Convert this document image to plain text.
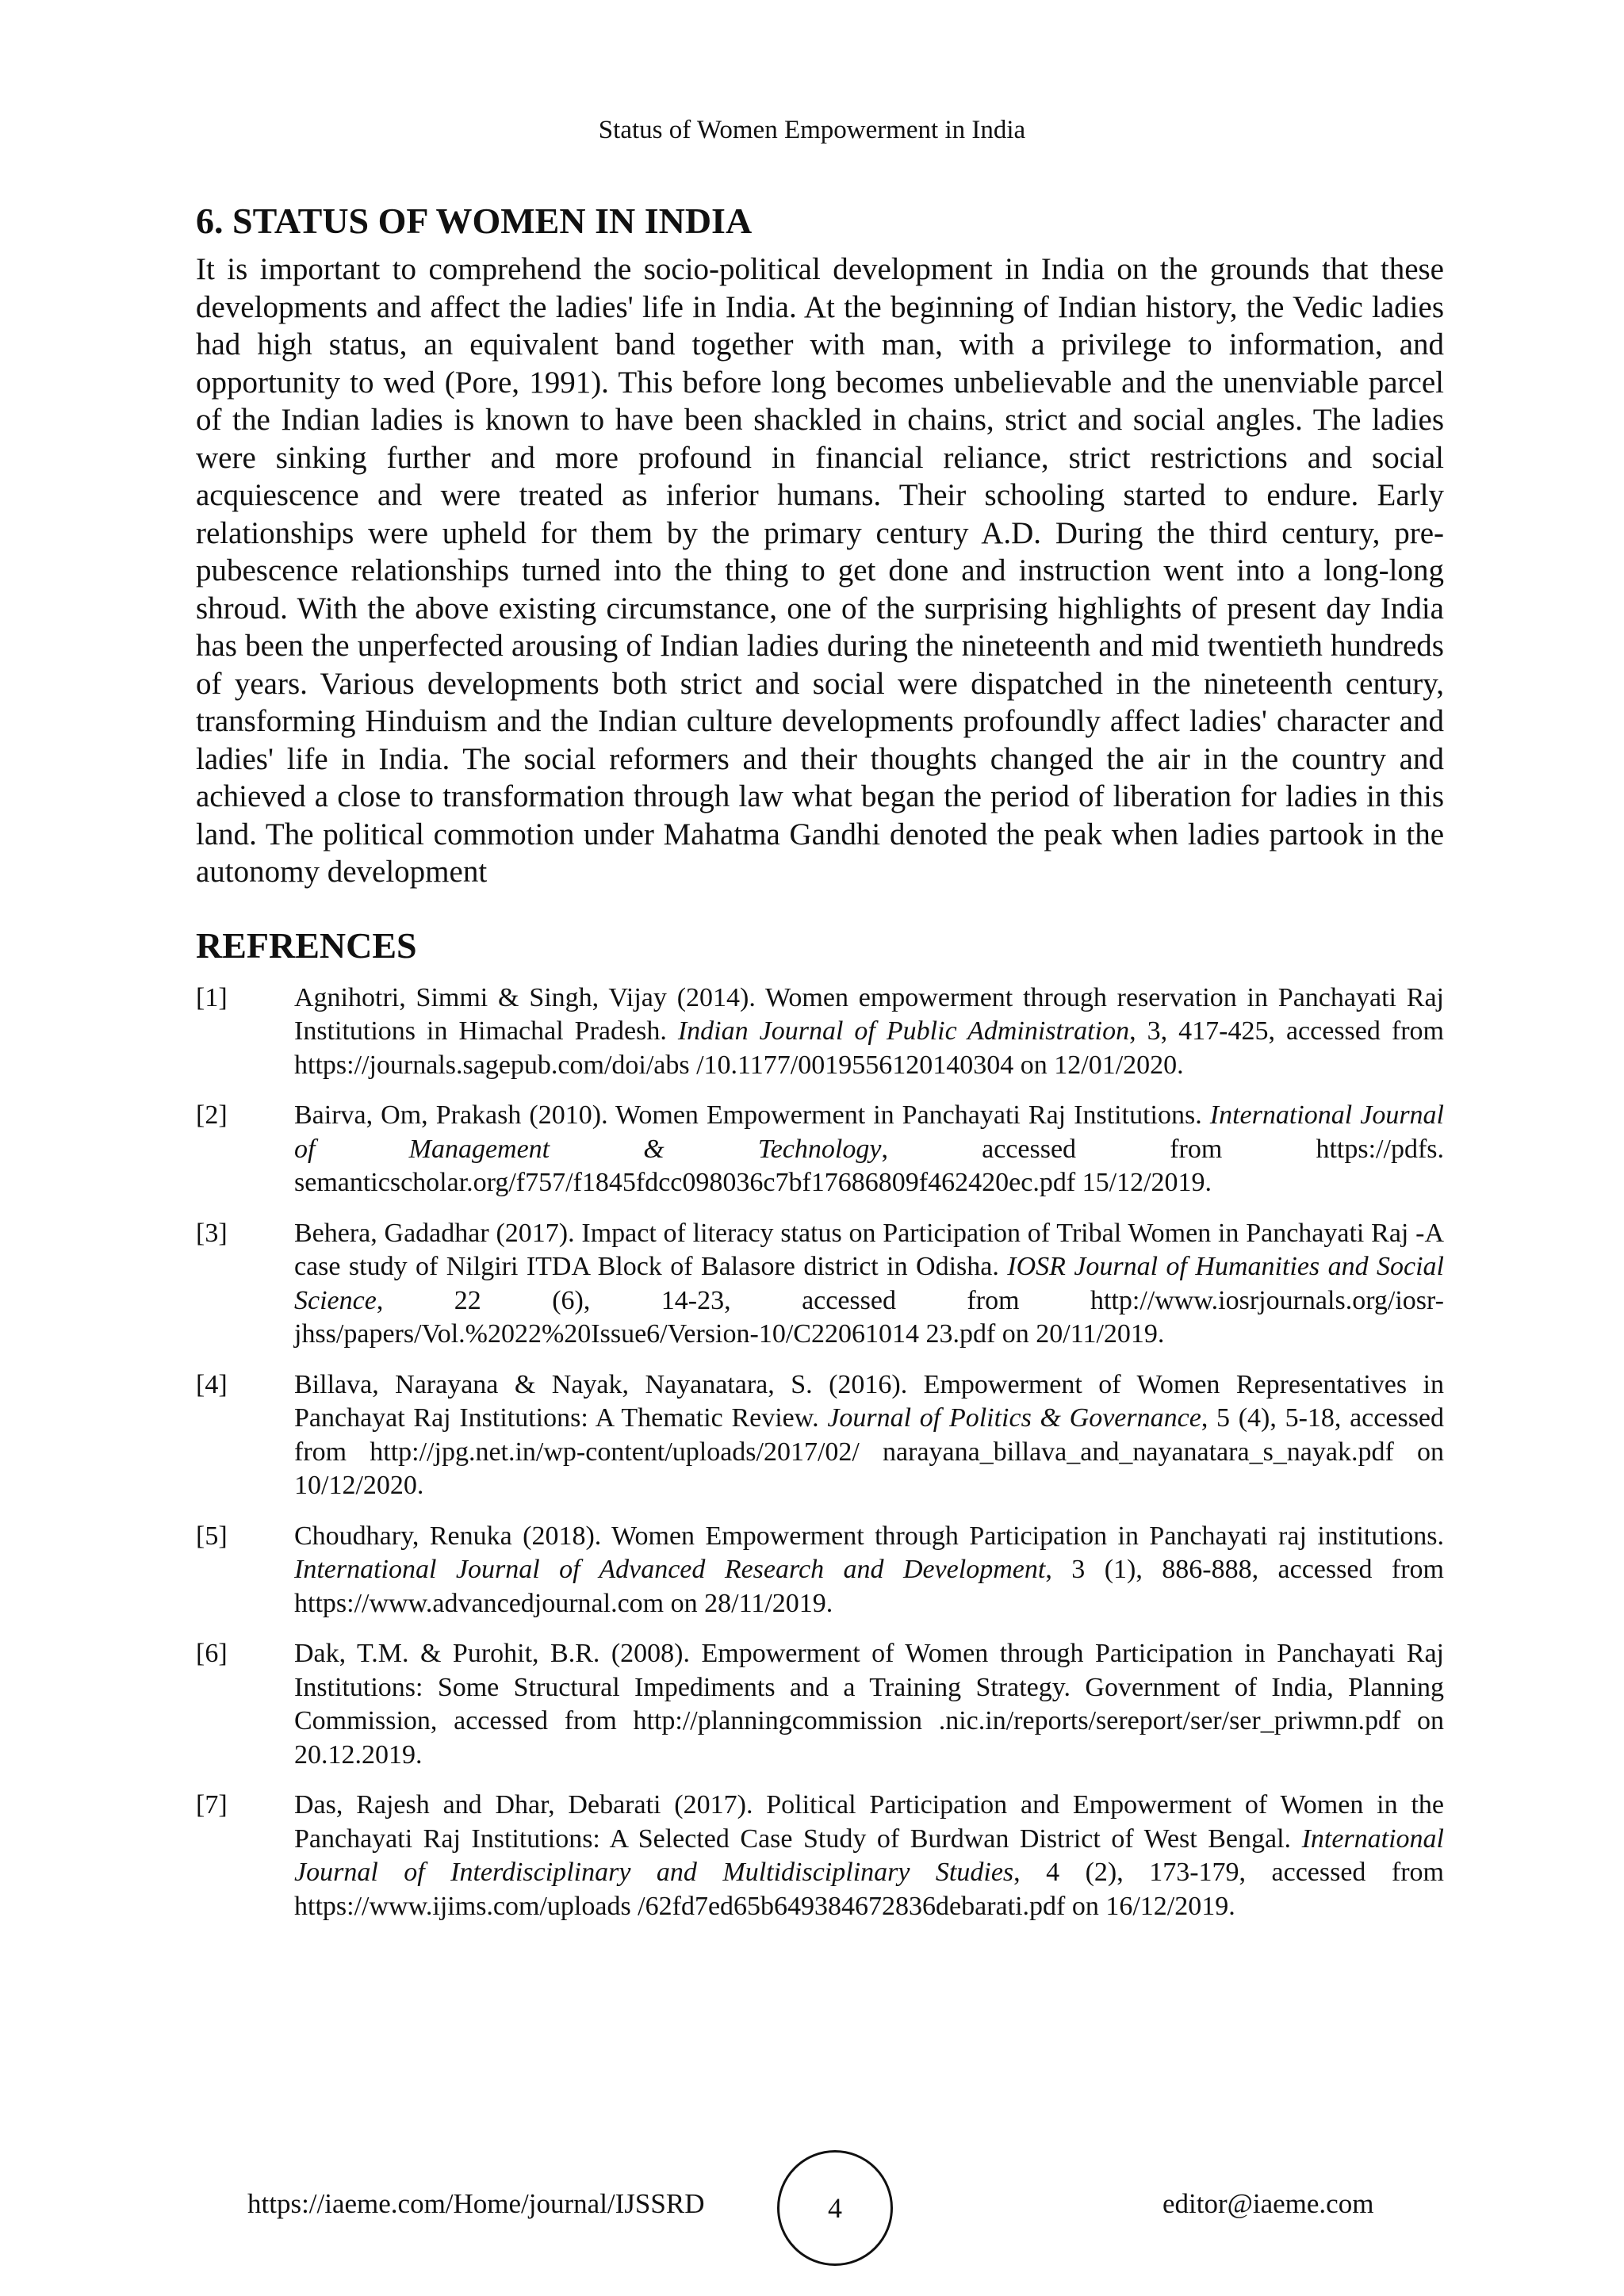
Status of Women Empowerment in India
6. STATUS OF WOMEN IN INDIA

It is important to comprehend the socio-political development in India on the grounds that these developments and affect the ladies' life in India. At the beginning of Indian history, the Vedic ladies had high status, an equivalent band together with man, with a privilege to information, and opportunity to wed (Pore, 1991). This before long becomes unbelievable and the unenviable parcel of the Indian ladies is known to have been shackled in chains, strict and social angles. The ladies were sinking further and more profound in financial reliance, strict restrictions and social acquiescence and were treated as inferior humans. Their schooling started to endure. Early relationships were upheld for them by the primary century A.D. During the third century, pre-pubescence relationships turned into the thing to get done and instruction went into a long-long shroud. With the above existing circumstance, one of the surprising highlights of present day India has been the unperfected arousing of Indian ladies during the nineteenth and mid twentieth hundreds of years. Various developments both strict and social were dispatched in the nineteenth century, transforming Hinduism and the Indian culture developments profoundly affect ladies' character and ladies' life in India. The social reformers and their thoughts changed the air in the country and achieved a close to transformation through law what began the period of liberation for ladies in this land. The political commotion under Mahatma Gandhi denoted the peak when ladies partook in the autonomy development

REFRENCES
[1]	Agnihotri, Simmi & Singh, Vijay (2014). Women empowerment through reservation in Panchayati Raj Institutions in Himachal Pradesh. Indian Journal of Public Administration, 3, 417-425, accessed from https://journals.sagepub.com/doi/abs /10.1177/0019556120140304 on 12/01/2020.
[2]	Bairva, Om, Prakash (2010). Women Empowerment in Panchayati Raj Institutions. International Journal of Management & Technology, accessed from https://pdfs. semanticscholar.org/f757/f1845fdcc098036c7bf17686809f462420ec.pdf 15/12/2019.
[3]	Behera, Gadadhar (2017). Impact of literacy status on Participation of Tribal Women in Panchayati Raj -A case study of Nilgiri ITDA Block of Balasore district in Odisha. IOSR Journal of Humanities and Social Science, 22 (6), 14-23, accessed from http://www.iosrjournals.org/iosr-jhss/papers/Vol.%2022%20Issue6/Version-10/C22061014 23.pdf on 20/11/2019.
[4]	Billava, Narayana & Nayak, Nayanatara, S. (2016). Empowerment of Women Representatives in Panchayat Raj Institutions: A Thematic Review. Journal of Politics & Governance, 5 (4), 5-18, accessed from http://jpg.net.in/wp-content/uploads/2017/02/ narayana_billava_and_nayanatara_s_nayak.pdf on 10/12/2020.
[5]	Choudhary, Renuka (2018). Women Empowerment through Participation in Panchayati raj institutions. International Journal of Advanced Research and Development, 3 (1), 886-888, accessed from https://www.advancedjournal.com on 28/11/2019.
[6]	Dak, T.M. & Purohit, B.R. (2008). Empowerment of Women through Participation in Panchayati Raj Institutions: Some Structural Impediments and a Training Strategy. Government of India, Planning Commission, accessed from http://planningcommission .nic.in/reports/sereport/ser/ser_priwmn.pdf on 20.12.2019.
[7]	Das, Rajesh and Dhar, Debarati (2017). Political Participation and Empowerment of Women in the Panchayati Raj Institutions: A Selected Case Study of Burdwan District of West Bengal. International Journal of Interdisciplinary and Multidisciplinary Studies, 4 (2), 173-179, accessed from https://www.ijims.com/uploads /62fd7ed65b649384672836debarati.pdf on 16/12/2019.
https://iaeme.com/Home/journal/IJSSRD	4	editor@iaeme.com
